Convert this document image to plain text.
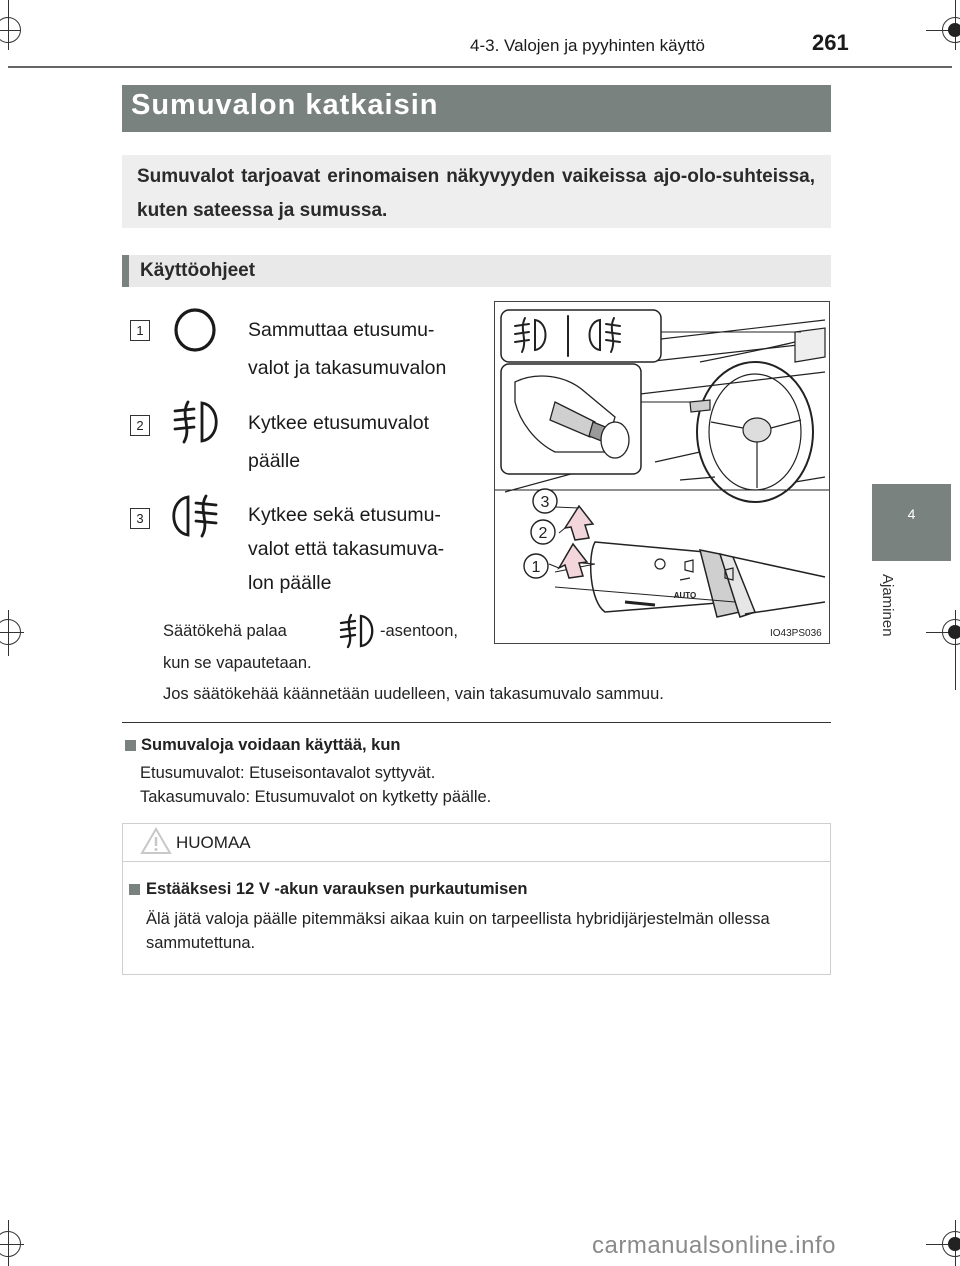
4-3. Valojen ja pyyhinten käyttö	261
4
Ajaminen
Sumuvalon katkaisin
Sumuvalot tarjoavat erinomaisen näkyvyyden vaikeissa ajo-olo-suhteissa, kuten sateessa ja sumussa.
Käyttöohjeet
1	Sammuttaa etusumu-
valot ja takasumuvalon
2	Kytkee etusumuvalot
päälle
3	Kytkee sekä etusumu-
valot että takasumuva-
lon päälle
Säätökehä palaa	-asentoon,
kun se vapautetaan.
Jos säätökehää käännetään uudelleen, vain takasumuvalo sammuu.
1
2
3
AUTO
IO43PS036
Sumuvaloja voidaan käyttää, kun
Etusumuvalot: Etuseisontavalot syttyvät.
Takasumuvalo: Etusumuvalot on kytketty päälle.
HUOMAA
Estääksesi 12 V -akun varauksen purkautumisen
Älä jätä valoja päälle pitemmäksi aikaa kuin on tarpeellista hybridijärjestelmän ollessa sammutettuna.
carmanualsonline.info
